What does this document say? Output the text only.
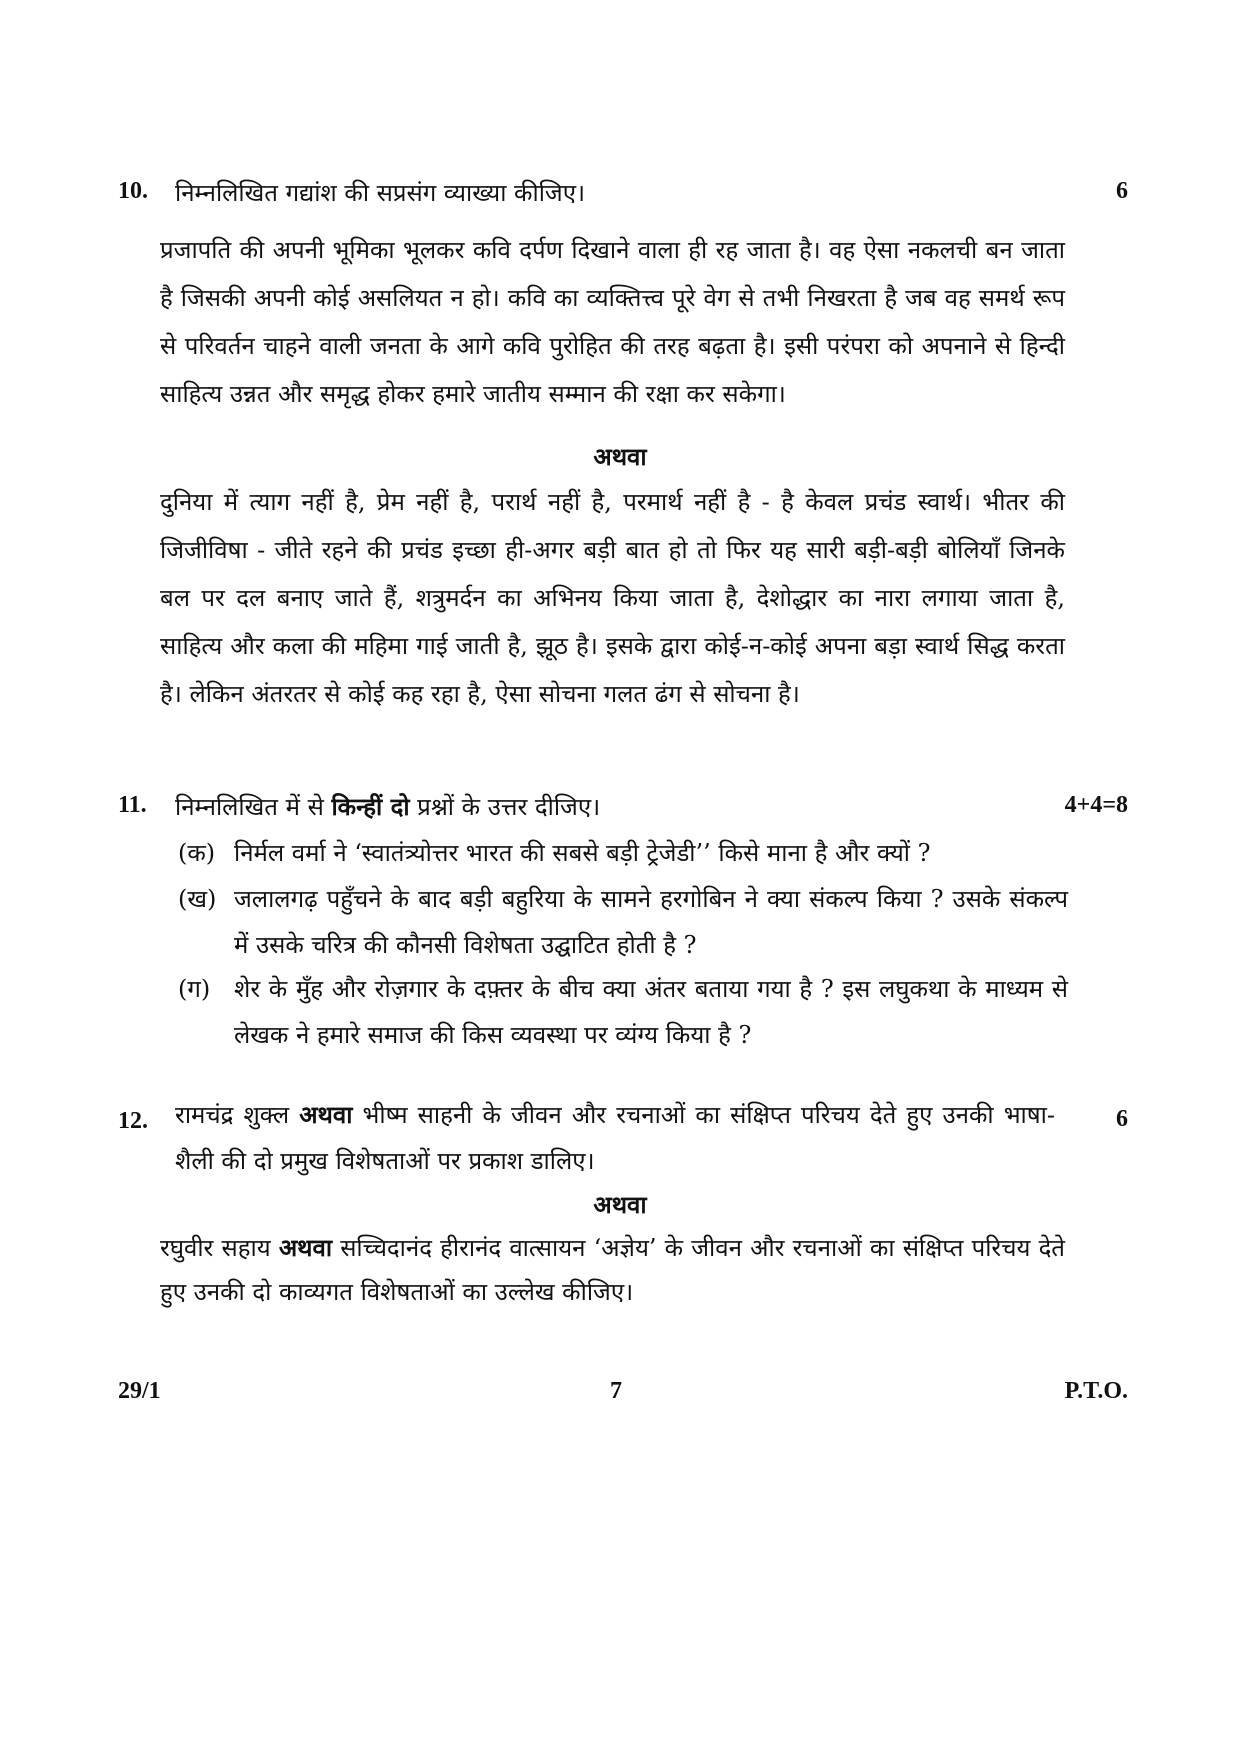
10. निम्नलिखित गद्यांश की सप्रसंग व्याख्या कीजिए।	6
प्रजापति की अपनी भूमिका भूलकर कवि दर्पण दिखाने वाला ही रह जाता है। वह ऐसा नकलची बन जाता है जिसकी अपनी कोई असलियत न हो। कवि का व्यक्तित्त्व पूरे वेग से तभी निखरता है जब वह समर्थ रूप से परिवर्तन चाहने वाली जनता के आगे कवि पुरोहित की तरह बढ़ता है। इसी परंपरा को अपनाने से हिन्दी साहित्य उन्नत और समृद्ध होकर हमारे जातीय सम्मान की रक्षा कर सकेगा।
अथवा
दुनिया में त्याग नहीं है, प्रेम नहीं है, परार्थ नहीं है, परमार्थ नहीं है - है केवल प्रचंड स्वार्थ। भीतर की जिजीविषा - जीते रहने की प्रचंड इच्छा ही-अगर बड़ी बात हो तो फिर यह सारी बड़ी-बड़ी बोलियाँ जिनके बल पर दल बनाए जाते हैं, शत्रुमर्दन का अभिनय किया जाता है, देशोद्धार का नारा लगाया जाता है, साहित्य और कला की महिमा गाई जाती है, झूठ है। इसके द्वारा कोई-न-कोई अपना बड़ा स्वार्थ सिद्ध करता है। लेकिन अंतरतर से कोई कह रहा है, ऐसा सोचना गलत ढंग से सोचना है।
11. निम्नलिखित में से किन्हीं दो प्रश्नों के उत्तर दीजिए।	4+4=8
(क) निर्मल वर्मा ने ‘स्वातंत्र्योत्तर भारत की सबसे बड़ी ट्रेजेडी’’ किसे माना है और क्यों ?
(ख) जलालगढ़ पहुँचने के बाद बड़ी बहुरिया के सामने हरगोबिन ने क्या संकल्प किया ? उसके संकल्प में उसके चरित्र की कौनसी विशेषता उद्घाटित होती है ?
(ग) शेर के मुँह और रोज़गार के दफ़्तर के बीच क्या अंतर बताया गया है ? इस लघुकथा के माध्यम से लेखक ने हमारे समाज की किस व्यवस्था पर व्यंग्य किया है ?
12.	6
रामचंद्र शुक्ल अथवा भीष्म साहनी के जीवन और रचनाओं का संक्षिप्त परिचय देते हुए उनकी भाषा-शैली की दो प्रमुख विशेषताओं पर प्रकाश डालिए।
अथवा
रघुवीर सहाय अथवा सच्चिदानंद हीरानंद वात्सायन ‘अज्ञेय’ के जीवन और रचनाओं का संक्षिप्त परिचय देते हुए उनकी दो काव्यगत विशेषताओं का उल्लेख कीजिए।
29/1	7	P.T.O.
